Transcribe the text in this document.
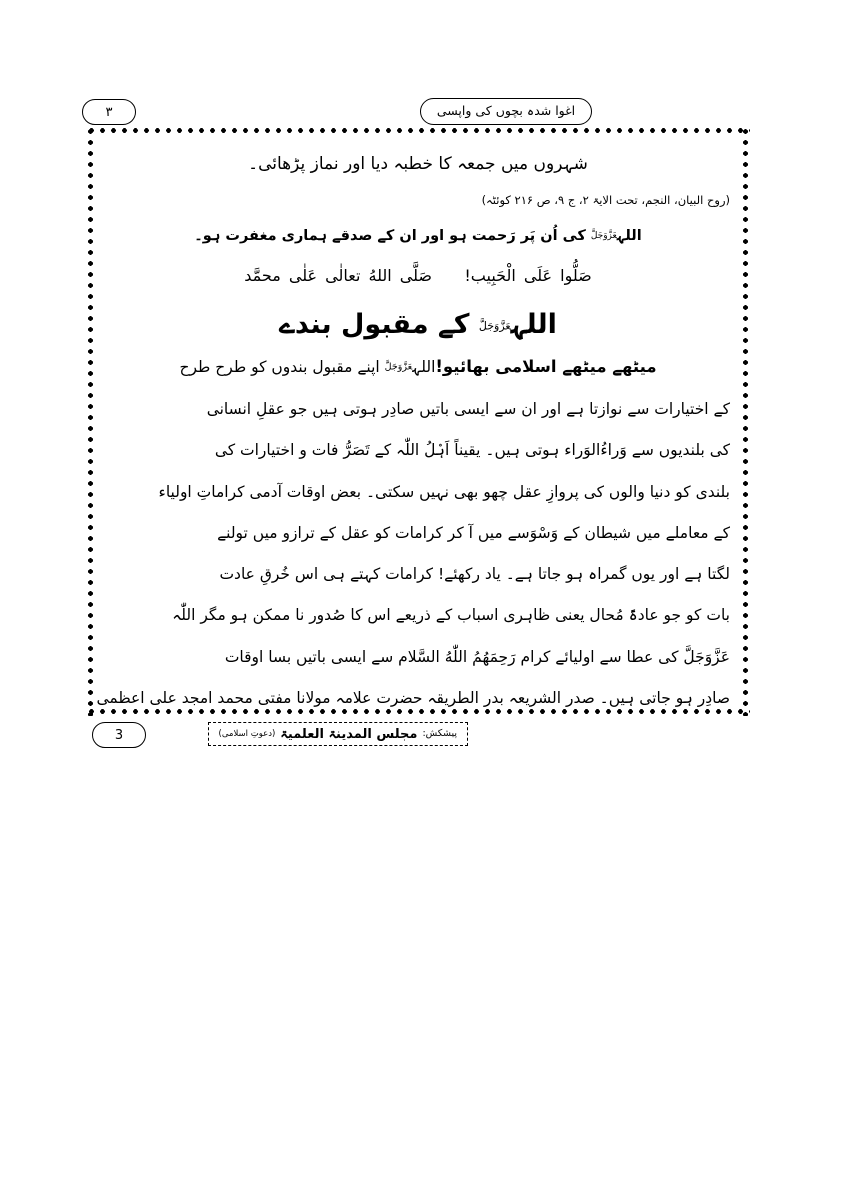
۳	اغوا شدہ بچوں کی واپسی
شہروں میں جمعہ کا خطبہ دیا اور نماز پڑھائی۔
(روح البیان، النجم، تحت الایۃ ۲، ج ۹، ص ۲۱۶ کوئٹہ)
اللہ$^{عَزَّوَجَلَّ}$ کی اُن پَر رَحمت ہو اور ان کے صدقے ہماری مغفرت ہو۔
صَلُّوا عَلَی الْحَبِیب!    صَلَّی اللهُ تعالٰی عَلٰی محمَّد
اللہ$^{عَزَّوَجَلَّ}$ کے مقبول بندے
میٹھے میٹھے اسلامی بھائیو!اللہ$^{عَزَّوَجَلَّ}$ اپنے مقبول بندوں کو طرح طرح
کے اختیارات سے نوازتا ہے اور ان سے ایسی باتیں صادِر ہوتی ہیں جو عقلِ انسانی
کی بلندیوں سے وَراءُالوَراء ہوتی ہیں۔ یقیناً اَہْلُ اللّٰہ کے تَصَرُّ فات و اختیارات کی
بلندی کو دنیا والوں کی پروازِ عقل چھو بھی نہیں سکتی۔ بعض اوقات آدمی کراماتِ اولیاء
کے معاملے میں شیطان کے وَسْوَسے میں آ کر کرامات کو عقل کے ترازو میں تولنے
لگتا ہے اور یوں گمراہ ہو جاتا ہے۔ یاد رکھئے! کرامات کہتے ہی اس خُرقِ عادت
بات کو جو عادۃً مُحال یعنی ظاہری اسباب کے ذریعے اس کا صُدور نا ممکن ہو مگر اللّٰہ
عَزَّوَجَلَّ کی عطا سے اولیائے کرام رَحِمَهُمُ اللّٰهُ السَّلام سے ایسی باتیں بسا اوقات
صادِر ہو جاتی ہیں۔ صدر الشریعہ بدر الطریقہ حضرت علامہ مولانا مفتی محمد امجد علی اعظمی
3	پیشکش:
مجلس المدینۃ العلمیۃ
(دعوتِ اسلامی)
